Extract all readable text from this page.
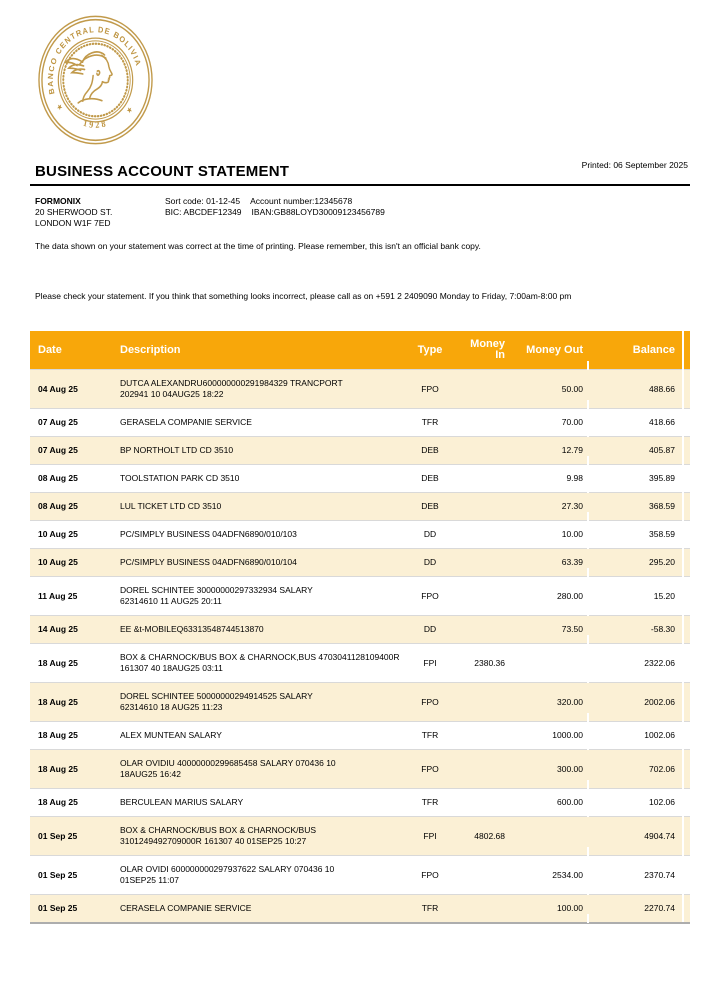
BANCO CENTRAL DE BOLIVIA
1928
★	★
BUSINESS ACCOUNT STATEMENT	Printed: 06 September 2025
FORMONIX
20 SHERWOOD ST.
LONDON W1F 7ED
Sort code: 01-12-45 Account number:12345678
BIC: ABCDEF12349 IBAN:GB88LOYD30009123456789
The data shown on your statement was correct at the time of printing. Please remember, this isn't an official bank copy.
Please check your statement. If you think that something looks incorrect, please call as on +591 2 2409090 Monday to Friday, 7:00am-8:00 pm
Date	Description	Type	Money In	Money Out	Balance	
04 Aug 25	DUTCA ALEXANDRU600000000291984329 TRANCPORT
202941 10 04AUG25 18:22	FPO		50.00	488.66	
07 Aug 25	GERASELA COMPANIE SERVICE	TFR		70.00	418.66	
07 Aug 25	BP NORTHOLT LTD CD 3510	DEB		12.79	405.87	
08 Aug 25	TOOLSTATION PARK CD 3510	DEB		9.98	395.89	
08 Aug 25	LUL TICKET LTD CD 3510	DEB		27.30	368.59	
10 Aug 25	PC/SIMPLY BUSINESS 04ADFN6890/010/103	DD		10.00	358.59	
10 Aug 25	PC/SIMPLY BUSINESS 04ADFN6890/010/104	DD		63.39	295.20	
11 Aug 25	DOREL SCHINTEE 30000000297332934 SALARY
62314610 11 AUG25 20:11	FPO		280.00	15.20	
14 Aug 25	EE &t-MOBILEQ63313548744513870	DD		73.50	-58.30	
18 Aug 25	BOX & CHARNOCK/BUS BOX & CHARNOCK,BUS 4703041128109400R
161307 40 18AUG25 03:11	FPI	2380.36		2322.06	
18 Aug 25	DOREL SCHINTEE 50000000294914525 SALARY
62314610 18 AUG25 11:23	FPO		320.00	2002.06	
18 Aug 25	ALEX MUNTEAN SALARY	TFR		1000.00	1002.06	
18 Aug 25	OLAR OVIDIU 40000000299685458 SALARY 070436 10
18AUG25 16:42	FPO		300.00	702.06	
18 Aug 25	BERCULEAN MARIUS SALARY	TFR		600.00	102.06	
01 Sep 25	BOX & CHARNOCK/BUS BOX & CHARNOCK/BUS
3101249492709000R 161307 40 01SEP25 10:27	FPI	4802.68		4904.74	
01 Sep 25	OLAR OVIDI 600000000297937622 SALARY 070436 10
01SEP25 11:07	FPO		2534.00	2370.74	
01 Sep 25	CERASELA COMPANIE SERVICE	TFR		100.00	2270.74	
